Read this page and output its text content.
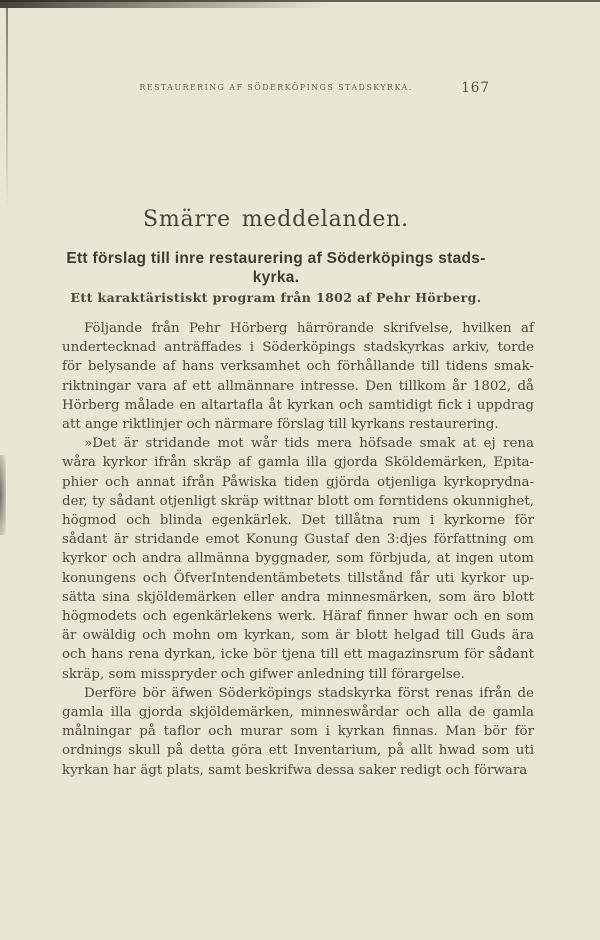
RESTAURERING AF SÖDERKÖPINGS STADSKYRKA.	167
Smärre meddelanden.
Ett förslag till inre restaurering af Söderköpings stads-
kyrka.
Ett karaktäristiskt program från 1802 af Pehr Hörberg.
Följande från Pehr Hörberg härrörande skrifvelse, hvilken af
undertecknad anträffades i Söderköpings stadskyrkas arkiv, torde
för belysande af hans verksamhet och förhållande till tidens smak-
riktningar vara af ett allmännare intresse. Den tillkom år 1802, då
Hörberg målade en altartafla åt kyrkan och samtidigt fick i uppdrag
att ange riktlinjer och närmare förslag till kyrkans restaurering.
»Det är stridande mot wår tids mera höfsade smak at ej rena
wåra kyrkor ifrån skräp af gamla illa gjorda Sköldemärken, Epita-
phier och annat ifrån Påwiska tiden gjörda otjenliga kyrkoprydna-
der, ty sådant otjenligt skräp wittnar blott om forntidens okunnighet,
högmod och blinda egenkärlek. Det tillåtna rum i kyrkorne för
sådant är stridande emot Konung Gustaf den 3:djes författning om
kyrkor och andra allmänna byggnader, som förbjuda, at ingen utom
konungens och ÖfverIntendentämbetets tillstånd får uti kyrkor up-
sätta sina skjöldemärken eller andra minnesmärken, som äro blott
högmodets och egenkärlekens werk. Häraf finner hwar och en som
är owäldig och mohn om kyrkan, som är blott helgad till Guds ära
och hans rena dyrkan, icke bör tjena till ett magazinsrum för sådant
skräp, som misspryder och gifwer anledning till förargelse.
Derföre bör äfwen Söderköpings stadskyrka först renas ifrån de
gamla illa gjorda skjöldemärken, minneswårdar och alla de gamla
målningar på taflor och murar som i kyrkan finnas. Man bör för
ordnings skull på detta göra ett Inventarium, på allt hwad som uti
kyrkan har ägt plats, samt beskrifwa dessa saker redigt och förwara
